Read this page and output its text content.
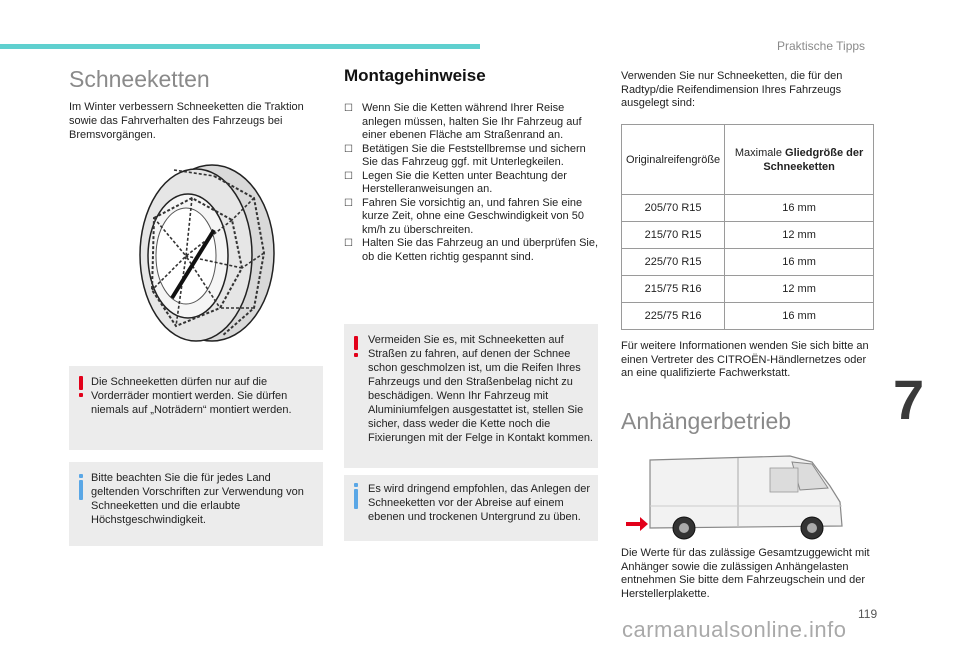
Praktische Tipps
Schneeketten
Im Winter verbessern Schneeketten die Traktion sowie das Fahrverhalten des Fahrzeugs bei Bremsvorgängen.
Die Schneeketten dürfen nur auf die Vorderräder montiert werden. Sie dürfen niemals auf „Noträdern“ montiert werden.
Bitte beachten Sie die für jedes Land geltenden Vorschriften zur Verwendung von Schneeketten und die erlaubte Höchstgeschwindigkeit.
Montagehinweise
☐ Wenn Sie die Ketten während Ihrer Reise anlegen müssen, halten Sie Ihr Fahrzeug auf einer ebenen Fläche am Straßenrand an.
☐ Betätigen Sie die Feststellbremse und sichern Sie das Fahrzeug ggf. mit Unterlegkeilen.
☐ Legen Sie die Ketten unter Beachtung der Herstelleranweisungen an.
☐ Fahren Sie vorsichtig an, und fahren Sie eine kurze Zeit, ohne eine Geschwindigkeit von 50 km/h zu überschreiten.
☐ Halten Sie das Fahrzeug an und überprüfen Sie, ob die Ketten richtig gespannt sind.
Vermeiden Sie es, mit Schneeketten auf Straßen zu fahren, auf denen der Schnee schon geschmolzen ist, um die Reifen Ihres Fahrzeugs und den Straßenbelag nicht zu beschädigen. Wenn Ihr Fahrzeug mit Aluminiumfelgen ausgestattet ist, stellen Sie sicher, dass weder die Kette noch die Fixierungen mit der Felge in Kontakt kommen.
Es wird dringend empfohlen, das Anlegen der Schneeketten vor der Abreise auf einem ebenen und trockenen Untergrund zu üben.
Verwenden Sie nur Schneeketten, die für den Radtyp/die Reifendimension Ihres Fahrzeugs ausgelegt sind:
Originalreifengröße	Maximale Gliedgröße der Schneeketten
205/70 R15	16 mm
215/70 R15	12 mm
225/70 R15	16 mm
215/75 R16	12 mm
225/75 R16	16 mm
Für weitere Informationen wenden Sie sich bitte an einen Vertreter des CITROËN-Händlernetzes oder an eine qualifizierte Fachwerkstatt.
Anhängerbetrieb
Die Werte für das zulässige Gesamtzuggewicht mit Anhänger sowie die zulässigen Anhängelasten entnehmen Sie bitte dem Fahrzeugschein und der Herstellerplakette.
7
119
carmanualsonline.info
